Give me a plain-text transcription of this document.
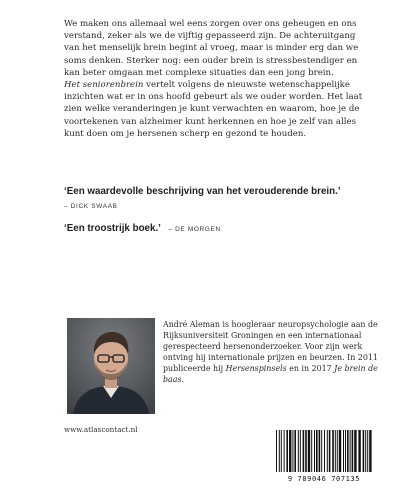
We maken ons allemaal wel eens zorgen over ons geheugen en ons verstand, zeker als we de vijftig gepasseerd zijn. De achteruitgang van het menselijk brein begint al vroeg, maar is minder erg dan we soms denken. Sterker nog: een ouder brein is stressbestendiger en kan beter omgaan met complexe situaties dan een jong brein.
Het seniorenbrein vertelt volgens de nieuwste wetenschappelijke inzichten wat er in ons hoofd gebeurt als we ouder worden. Het laat zien welke veranderingen je kunt verwachten en waarom, hoe je de voortekenen van alzheimer kunt herkennen en hoe je zelf van alles kunt doen om je hersenen scherp en gezond te houden.

‘Een waardevolle beschrijving van het verouderende brein.’
– DICK SWAAB
‘Een troostrijk boek.’ – DE MORGEN

André Aleman is hoogleraar neuropsychologie aan de Rijksuniversiteit Groningen en een internationaal gerespecteerd hersenonderzoeker. Voor zijn werk ontving hij internationale prijzen en beurzen. In 2011 publiceerde hij Hersenspinsels en in 2017 Je brein de baas.

www.atlascontact.nl
9 789046 707135
